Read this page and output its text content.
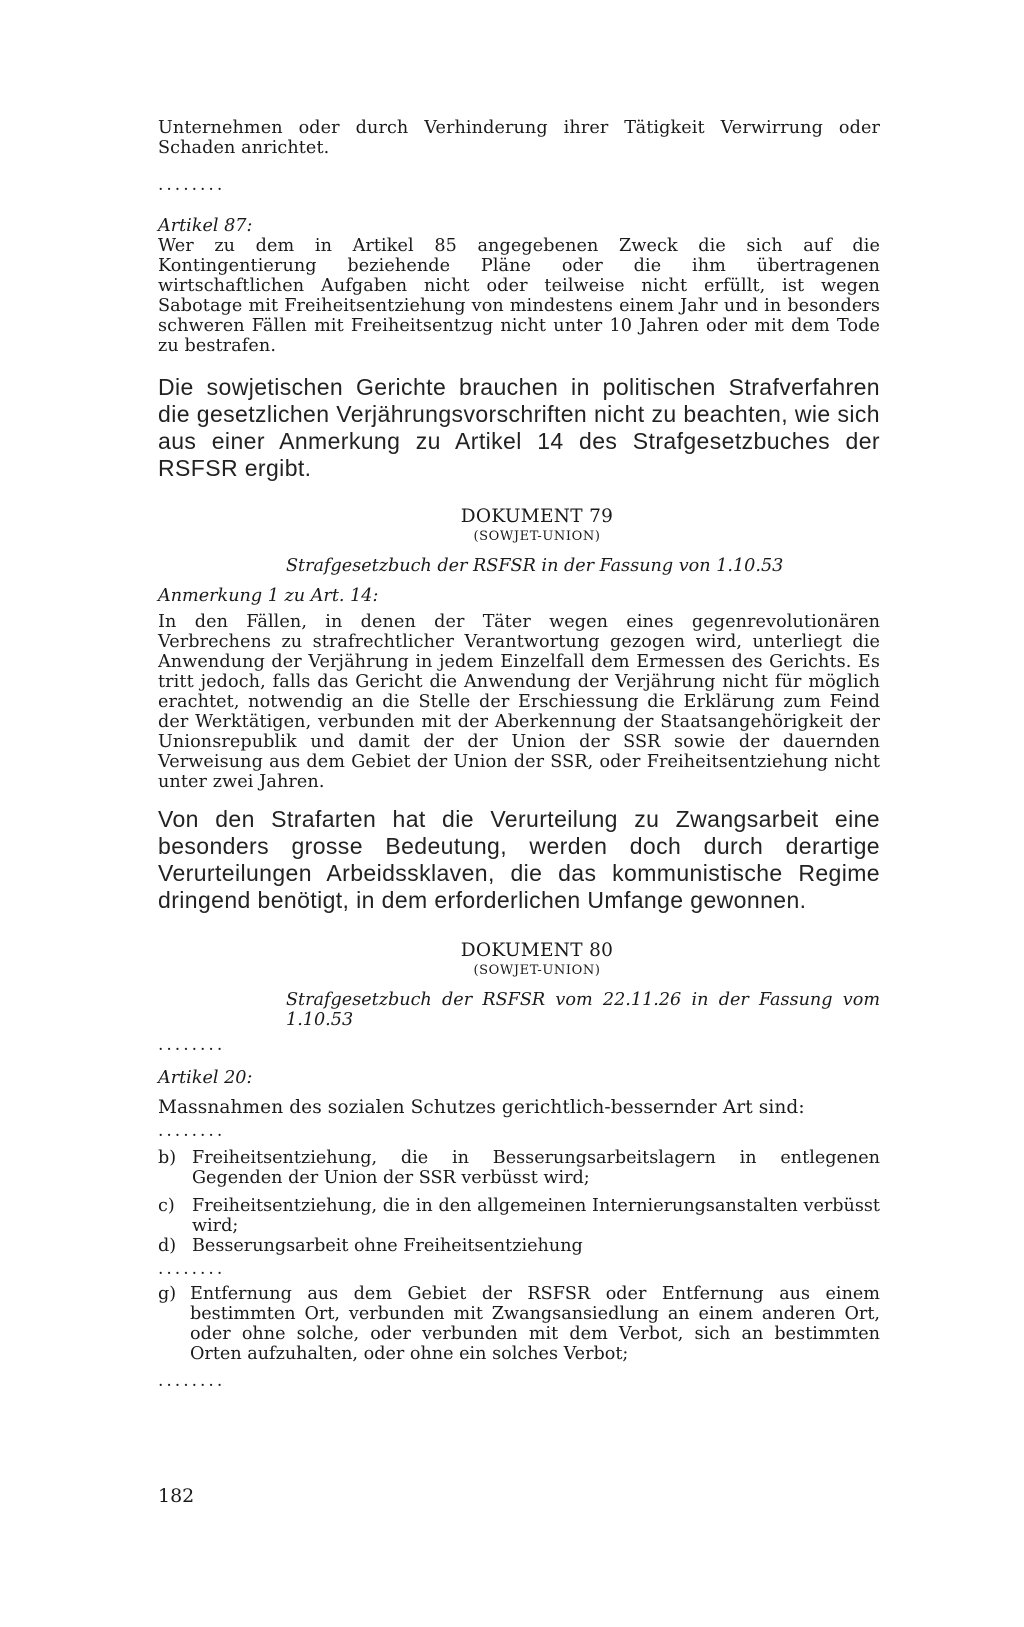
Unternehmen oder durch Verhinderung ihrer Tätigkeit Verwirrung oder Schaden anrichtet.

........

Artikel 87:

Wer zu dem in Artikel 85 angegebenen Zweck die sich auf die Kontingentierung beziehende Pläne oder die ihm übertragenen wirtschaftlichen Aufgaben nicht oder teilweise nicht erfüllt, ist wegen Sabotage mit Freiheitsentziehung von mindestens einem Jahr und in besonders schweren Fällen mit Freiheitsentzug nicht unter 10 Jahren oder mit dem Tode zu bestrafen.

Die sowjetischen Gerichte brauchen in politischen Strafverfahren die gesetzlichen Verjährungsvorschriften nicht zu beachten, wie sich aus einer Anmerkung zu Artikel 14 des Strafgesetzbuches der RSFSR ergibt.

DOKUMENT 79

(SOWJET-UNION)

Strafgesetzbuch der RSFSR in der Fassung von 1.10.53

Anmerkung 1 zu Art. 14:

In den Fällen, in denen der Täter wegen eines gegenrevolutionären Verbrechens zu strafrechtlicher Verantwortung gezogen wird, unterliegt die Anwendung der Verjährung in jedem Einzelfall dem Ermessen des Gerichts. Es tritt jedoch, falls das Gericht die Anwendung der Verjährung nicht für möglich erachtet, notwendig an die Stelle der Erschiessung die Erklärung zum Feind der Werktätigen, verbunden mit der Aberkennung der Staatsangehörigkeit der Unionsrepublik und damit der der Union der SSR sowie der dauernden Verweisung aus dem Gebiet der Union der SSR, oder Freiheitsentziehung nicht unter zwei Jahren.

Von den Strafarten hat die Verurteilung zu Zwangsarbeit eine besonders grosse Bedeutung, werden doch durch derartige Verurteilungen Arbeidssklaven, die das kommunistische Regime dringend benötigt, in dem erforderlichen Umfange gewonnen.

DOKUMENT 80

(SOWJET-UNION)

Strafgesetzbuch der RSFSR vom 22.11.26 in der Fassung vom 1.10.53

........

Artikel 20:

Massnahmen des sozialen Schutzes gerichtlich-bessernder Art sind:

........

b) Freiheitsentziehung, die in Besserungsarbeitslagern in entlegenen Gegenden der Union der SSR verbüsst wird;
c) Freiheitsentziehung, die in den allgemeinen Internierungsanstalten verbüsst wird;
d) Besserungsarbeit ohne Freiheitsentziehung

........

g) Entfernung aus dem Gebiet der RSFSR oder Entfernung aus einem bestimmten Ort, verbunden mit Zwangsansiedlung an einem anderen Ort, oder ohne solche, oder verbunden mit dem Verbot, sich an bestimmten Orten aufzuhalten, oder ohne ein solches Verbot;

........

182
